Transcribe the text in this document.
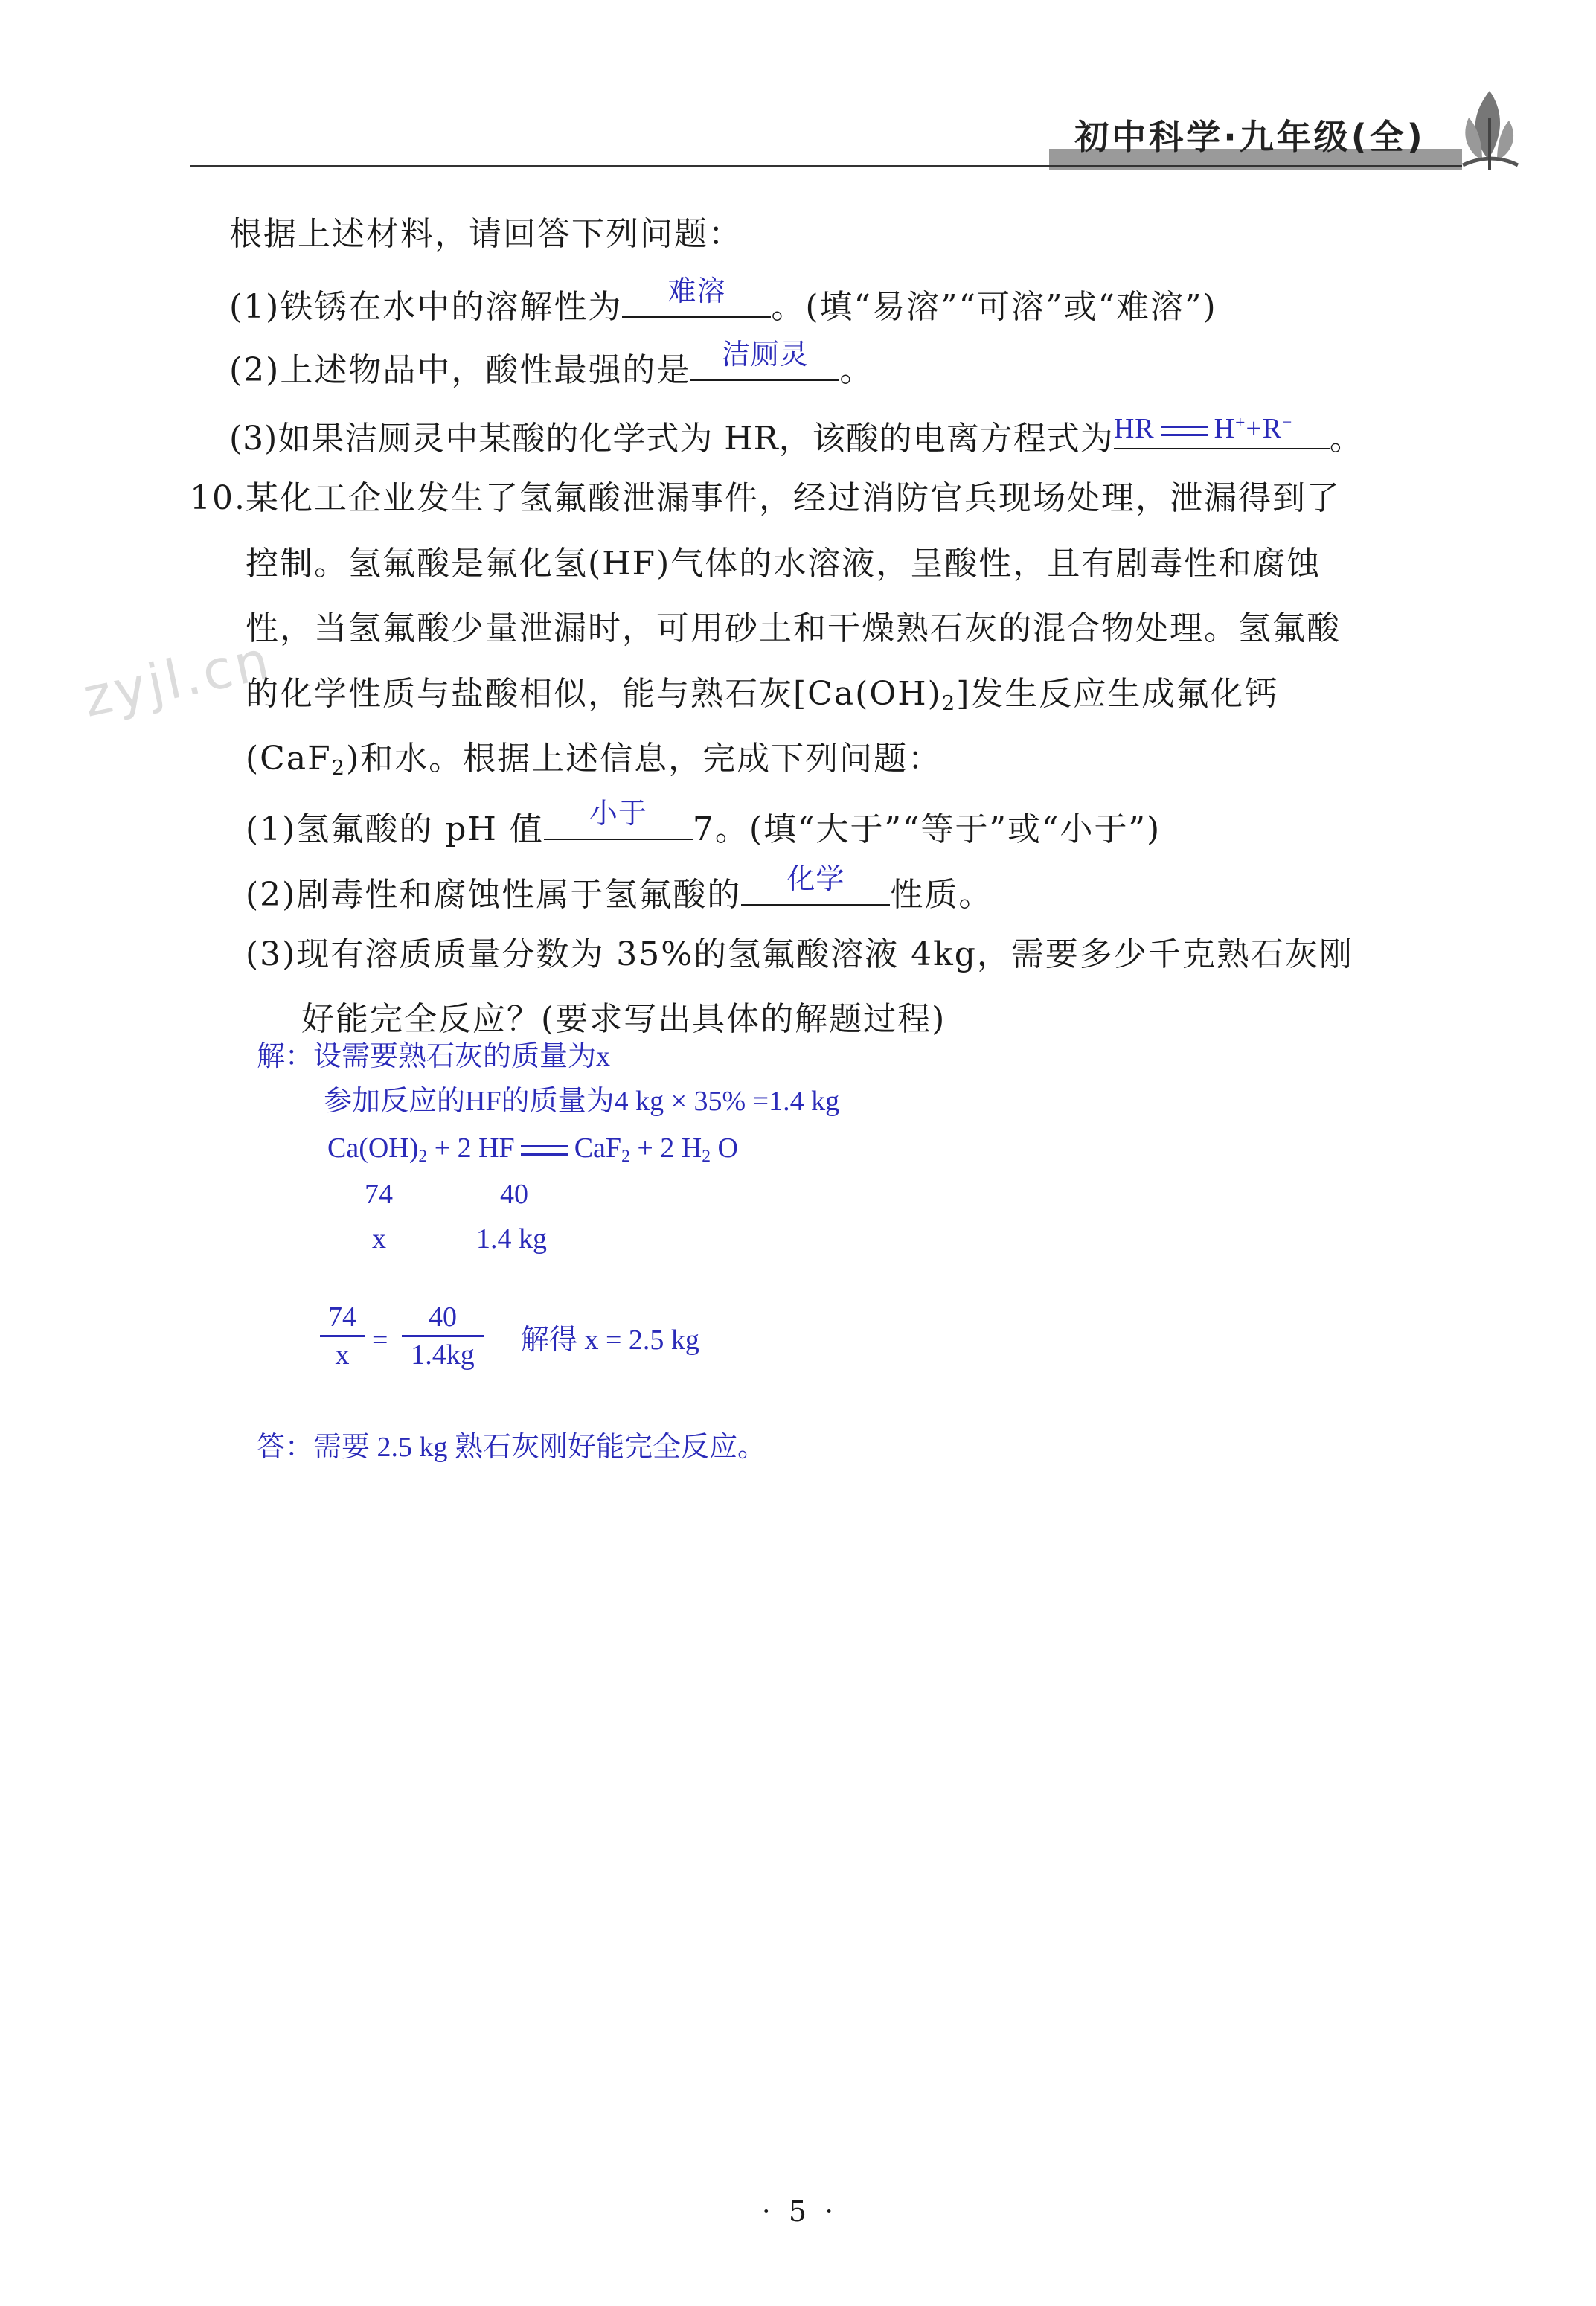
初中科学·九年级(全)
zyjl.cn
根据上述材料，请回答下列问题：
(1)铁锈在水中的溶解性为	难溶	。(填“易溶”“可溶”或“难溶”)
(2)上述物品中，酸性最强的是	洁厕灵 。
(3)如果洁厕灵中某酸的化学式为 HR，该酸的电离方程式为 HR H++R−	。
10. 某化工企业发生了氢氟酸泄漏事件，经过消防官兵现场处理，泄漏得到了
控制。氢氟酸是氟化氢(HF)气体的水溶液，呈酸性，且有剧毒性和腐蚀
性，当氢氟酸少量泄漏时，可用砂土和干燥熟石灰的混合物处理。氢氟酸
的化学性质与盐酸相似，能与熟石灰$[Ca(OH)_2]$发生反应生成氟化钙
(CaF$_2$)和水。根据上述信息，完成下列问题：
(1)氢氟酸的 pH 值	小于	7。(填“大于”“等于”或“小于”)
(2)剧毒性和腐蚀性属于氢氟酸的	化学	性质。
(3)现有溶质质量分数为 35%的氢氟酸溶液 4kg，需要多少千克熟石灰刚
好能完全反应？(要求写出具体的解题过程)
解：设需要熟石灰的质量为x
参加反应的HF的质量为4 kg × 35% =1.4 kg
$Ca(OH)_2 + 2$ HF CaF$_2$ + 2 $H_2$ O
74	40
x	1.4 kg
$\frac{74}{x} = \frac{40}{1.4kg}$ 解得 x = 2.5 kg
答：需要 2.5 kg 熟石灰刚好能完全反应。
· 5 ·
